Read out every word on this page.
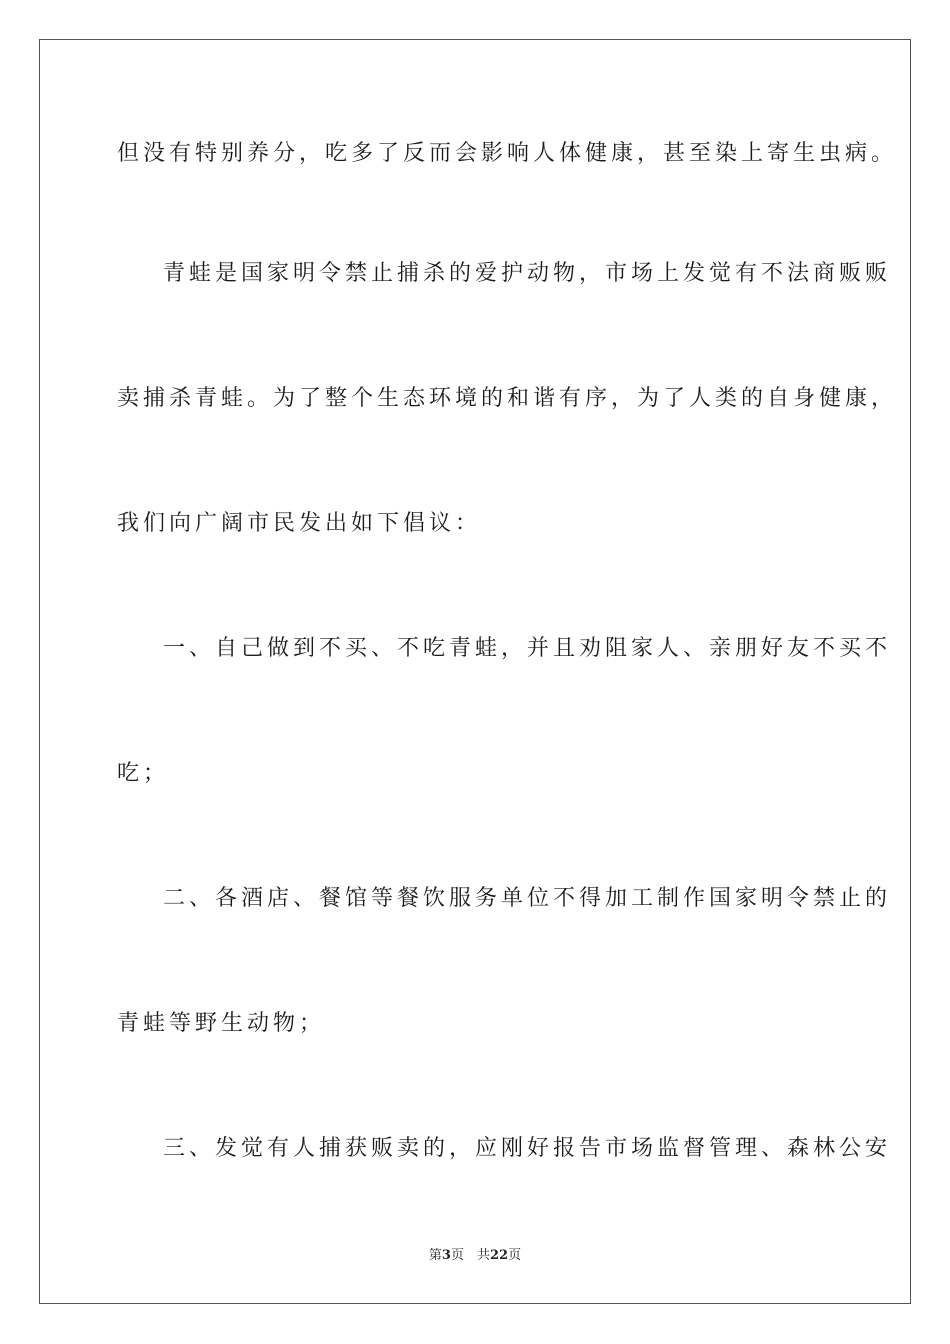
但没有特别养分，吃多了反而会影响人体健康，甚至染上寄生虫病。
青蛙是国家明令禁止捕杀的爱护动物，市场上发觉有不法商贩贩
卖捕杀青蛙。为了整个生态环境的和谐有序，为了人类的自身健康，
我们向广阔市民发出如下倡议：
一、自己做到不买、不吃青蛙，并且劝阻家人、亲朋好友不买不
吃；
二、各酒店、餐馆等餐饮服务单位不得加工制作国家明令禁止的
青蛙等野生动物；
三、发觉有人捕获贩卖的，应刚好报告市场监督管理、森林公安
第3页　共22页
